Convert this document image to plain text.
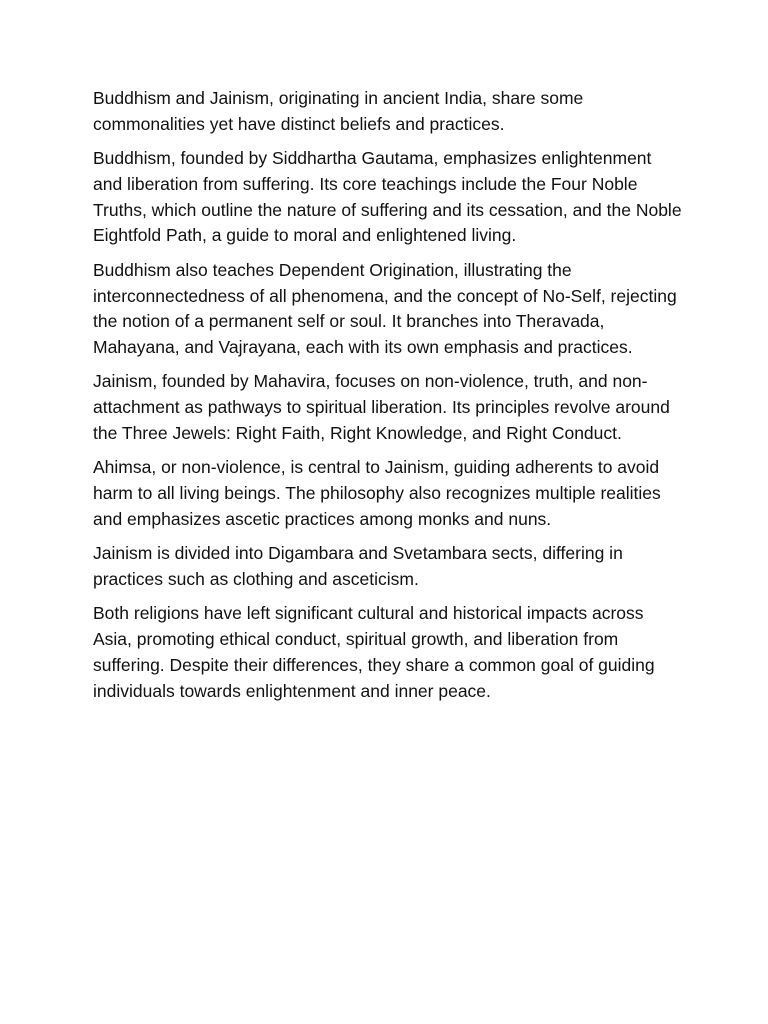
Buddhism and Jainism, originating in ancient India, share some commonalities yet have distinct beliefs and practices.

Buddhism, founded by Siddhartha Gautama, emphasizes enlightenment and liberation from suffering. Its core teachings include the Four Noble Truths, which outline the nature of suffering and its cessation, and the Noble Eightfold Path, a guide to moral and enlightened living.

Buddhism also teaches Dependent Origination, illustrating the interconnectedness of all phenomena, and the concept of No-Self, rejecting the notion of a permanent self or soul. It branches into Theravada, Mahayana, and Vajrayana, each with its own emphasis and practices.

Jainism, founded by Mahavira, focuses on non-violence, truth, and non-attachment as pathways to spiritual liberation. Its principles revolve around the Three Jewels: Right Faith, Right Knowledge, and Right Conduct.

Ahimsa, or non-violence, is central to Jainism, guiding adherents to avoid harm to all living beings. The philosophy also recognizes multiple realities and emphasizes ascetic practices among monks and nuns.

Jainism is divided into Digambara and Svetambara sects, differing in practices such as clothing and asceticism.

Both religions have left significant cultural and historical impacts across Asia, promoting ethical conduct, spiritual growth, and liberation from suffering. Despite their differences, they share a common goal of guiding individuals towards enlightenment and inner peace.
